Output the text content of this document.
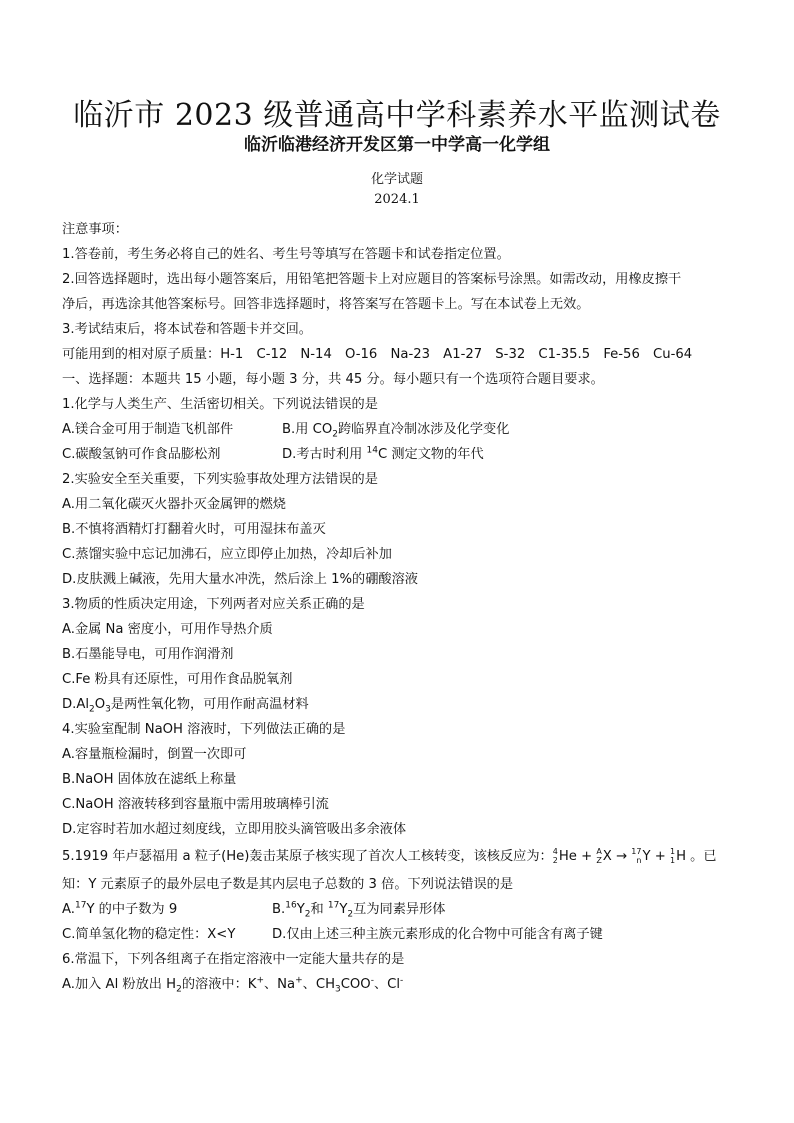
临沂市 2023 级普通高中学科素养水平监测试卷
临沂临港经济开发区第一中学高一化学组
化学试题
2024.1
注意事项：
1.答卷前，考生务必将自己的姓名、考生号等填写在答题卡和试卷指定位置。
2.回答选择题时，选出每小题答案后，用铅笔把答题卡上对应题目的答案标号涂黑。如需改动，用橡皮擦干
净后，再选涂其他答案标号。回答非选择题时，将答案写在答题卡上。写在本试卷上无效。
3.考试结束后，将本试卷和答题卡并交回。
可能用到的相对原子质量：H-1　C-12　N-14　O-16　Na-23　A1-27　S-32　C1-35.5　Fe-56　Cu-64
一、选择题：本题共 15 小题，每小题 3 分，共 45 分。每小题只有一个选项符合题目要求。
1.化学与人类生产、生活密切相关。下列说法错误的是
A.镁合金可用于制造飞机部件	B.用 $CO_2$跨临界直冷制冰涉及化学变化
C.碳酸氢钠可作食品膨松剂	D.考古时利用 $^{14}$C 测定文物的年代
2.实验安全至关重要，下列实验事故处理方法错误的是
A.用二氧化碳灭火器扑灭金属钾的燃烧
B.不慎将酒精灯打翻着火时，可用湿抹布盖灭
C.蒸馏实验中忘记加沸石，应立即停止加热，冷却后补加
D.皮肤溅上碱液，先用大量水冲洗，然后涂上 1%的硼酸溶液
3.物质的性质决定用途，下列两者对应关系正确的是
A.金属 Na 密度小，可用作导热介质
B.石墨能导电，可用作润滑剂
C.Fe 粉具有还原性，可用作食品脱氧剂
$D.Al_2O_3$是两性氧化物，可用作耐高温材料
4.实验室配制 NaOH 溶液时，下列做法正确的是
A.容量瓶检漏时，倒置一次即可
B.NaOH 固体放在滤纸上称量
C.NaOH 溶液转移到容量瓶中需用玻璃棒引流
D.定容时若加水超过刻度线，立即用胶头滴管吸出多余液体
5.1919 年卢瑟福用 a 粒子(He)轰击某原子核实现了首次人工核转变，该核反应为： 4
2 He + A
Z X → 17
n Y + 1
1 H 。已
知：Y 元素原子的最外层电子数是其内层电子总数的 3 倍。下列说法错误的是
A.$^{17}$Y 的中子数为 9	$B.^{16}Y_2$和 $^{17}Y_2$互为同素异形体
C.简单氢化物的稳定性：X<Y	D.仅由上述三种主族元素形成的化合物中可能含有离子键
6.常温下，下列各组离子在指定溶液中一定能大量共存的是
A.加入 Al 粉放出 $H_2$的溶液中：K+、Na+、$CH_3COO^-$、Cl-
